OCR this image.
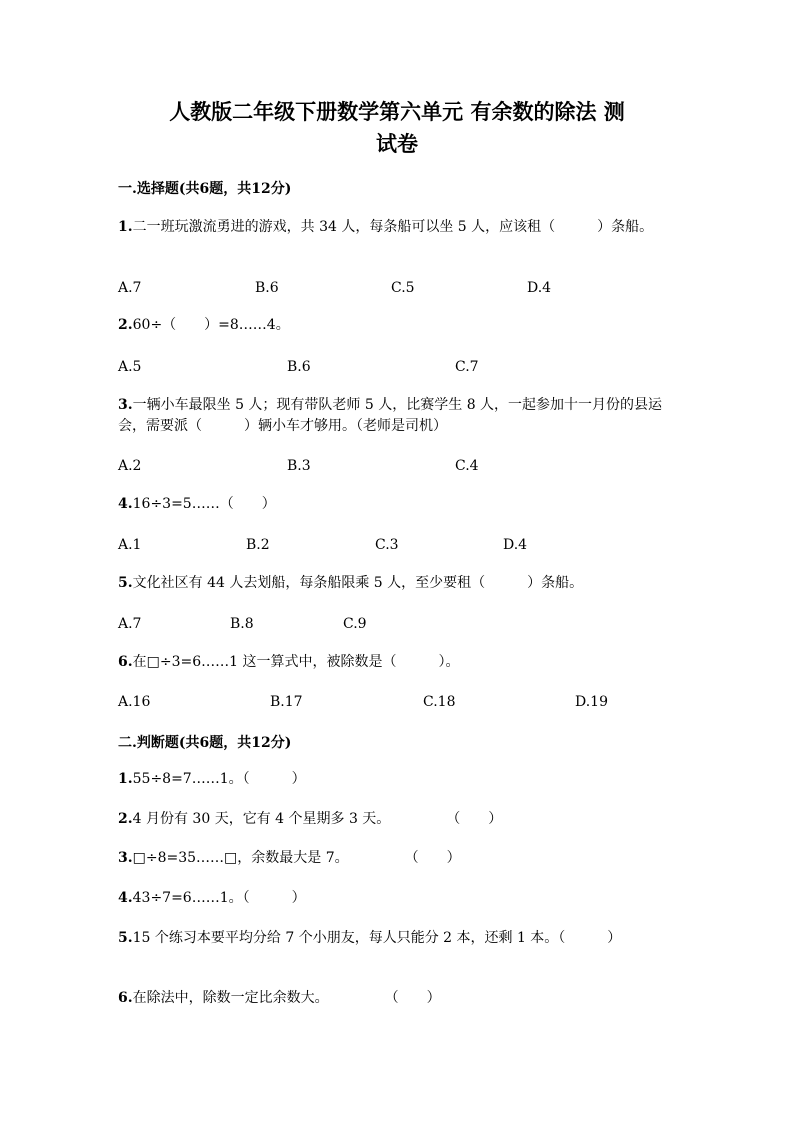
人教版二年级下册数学第六单元 有余数的除法 测
试卷
一.选择题(共6题，共12分)
1.二一班玩激流勇进的游戏，共 34 人，每条船可以坐 5 人，应该租（　　　）条船。
A.7	B.6	C.5	D.4
2.60÷（　　）=8……4。
A.5	B.6	C.7
3.一辆小车最限坐 5 人；现有带队老师 5 人，比赛学生 8 人，一起参加十一月份的县运会，需要派（　　　）辆小车才够用。（老师是司机）
A.2	B.3	C.4
4.16÷3=5……（　　）
A.1	B.2	C.3	D.4
5.文化社区有 44 人去划船，每条船限乘 5 人，至少要租（　　　）条船。
A.7	B.8	C.9
6.在□÷3=6……1 这一算式中，被除数是（　　　）。
A.16	B.17	C.18	D.19
二.判断题(共6题，共12分)
1.55÷8=7……1。（　　　）
2.4 月份有 30 天，它有 4 个星期多 3 天。　　　　　（　　）
3.□÷8=35……□，余数最大是 7。　　　　　（　　）
4.43÷7=6……1。（　　　）
5.15 个练习本要平均分给 7 个小朋友，每人只能分 2 本，还剩 1 本。（　　　）
6.在除法中，除数一定比余数大。　　　　　（　　）
